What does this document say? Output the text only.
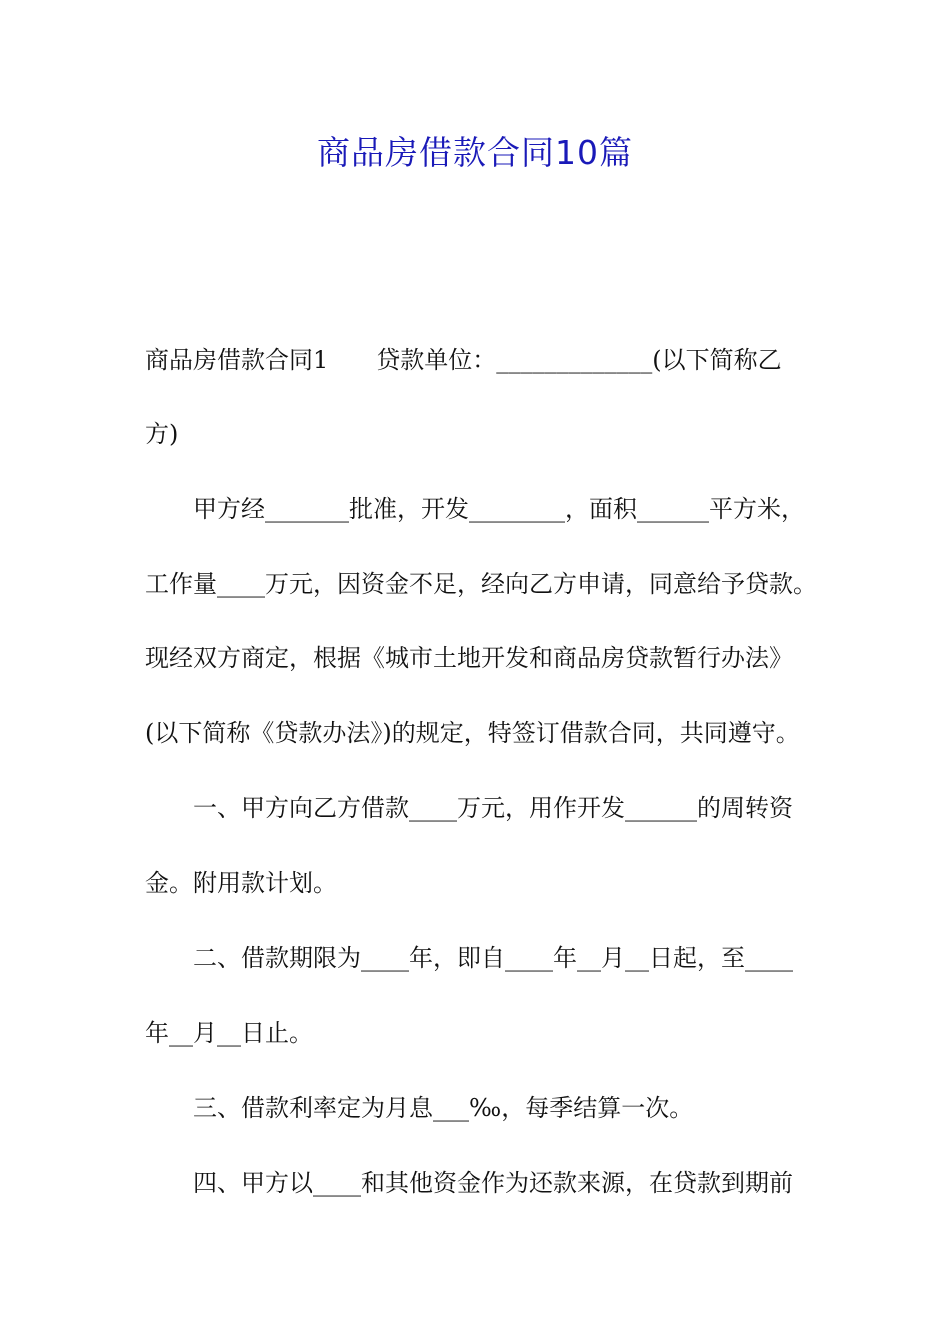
商品房借款合同10篇
商品房借款合同1　　贷款单位：_____________(以下简称乙
方)
甲方经_______批准，开发________，面积______平方米，
工作量____万元，因资金不足，经向乙方申请，同意给予贷款。
现经双方商定，根据《城市土地开发和商品房贷款暂行办法》
(以下简称《贷款办法》)的规定，特签订借款合同，共同遵守。
一、甲方向乙方借款____万元，用作开发______的周转资
金。附用款计划。
二、借款期限为____年，即自____年__月__日起，至____
年__月__日止。
三、借款利率定为月息___‰，每季结算一次。
四、甲方以____和其他资金作为还款来源，在贷款到期前
